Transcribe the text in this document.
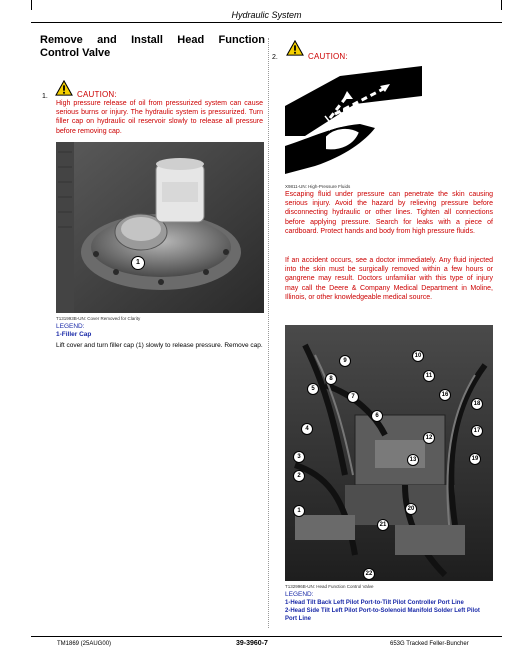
Hydraulic System
Remove and Install Head Function
Control Valve
1.	CAUTION:
High pressure release of oil from pressurized system can cause serious burns or injury. The hydraulic system is pressurized. Turn filler cap on hydraulic oil reservoir slowly to release all pressure before removing cap.
1
T131993B-UN: Cover Removed for Clarity
LEGEND:
1-Filler Cap
Lift cover and turn filler cap (1) slowly to release pressure. Remove cap.
2.	CAUTION:
X9811-UN: High-Pressure Fluids
Escaping fluid under pressure can penetrate the skin causing serious injury. Avoid the hazard by relieving pressure before disconnecting hydraulic or other lines. Tighten all connections before applying pressure. Search for leaks with a piece of cardboard. Protect hands and body from high pressure fluids.
If an accident occurs, see a doctor immediately. Any fluid injected into the skin must be surgically removed within a few hours or gangrene may result. Doctors unfamiliar with this type of injury may call the Deere & Company Medical Department in Moline, Illinois, or other knowledgeable medical source.
9
10
8	11
5
7	16
6
18
4
12
17
3	13	19
2
20
1
21
22
T132996B-UN: Head Function Control Valve
LEGEND:
1-Head Tilt Back Left Pilot Port-to-Tilt Pilot Controller Port Line
2-Head Side Tilt Left Pilot Port-to-Solenoid Manifold Solder Left Pilot
Port Line
TM1869 (25AUG00)	39-3960-7	653G Tracked Feller-Buncher
